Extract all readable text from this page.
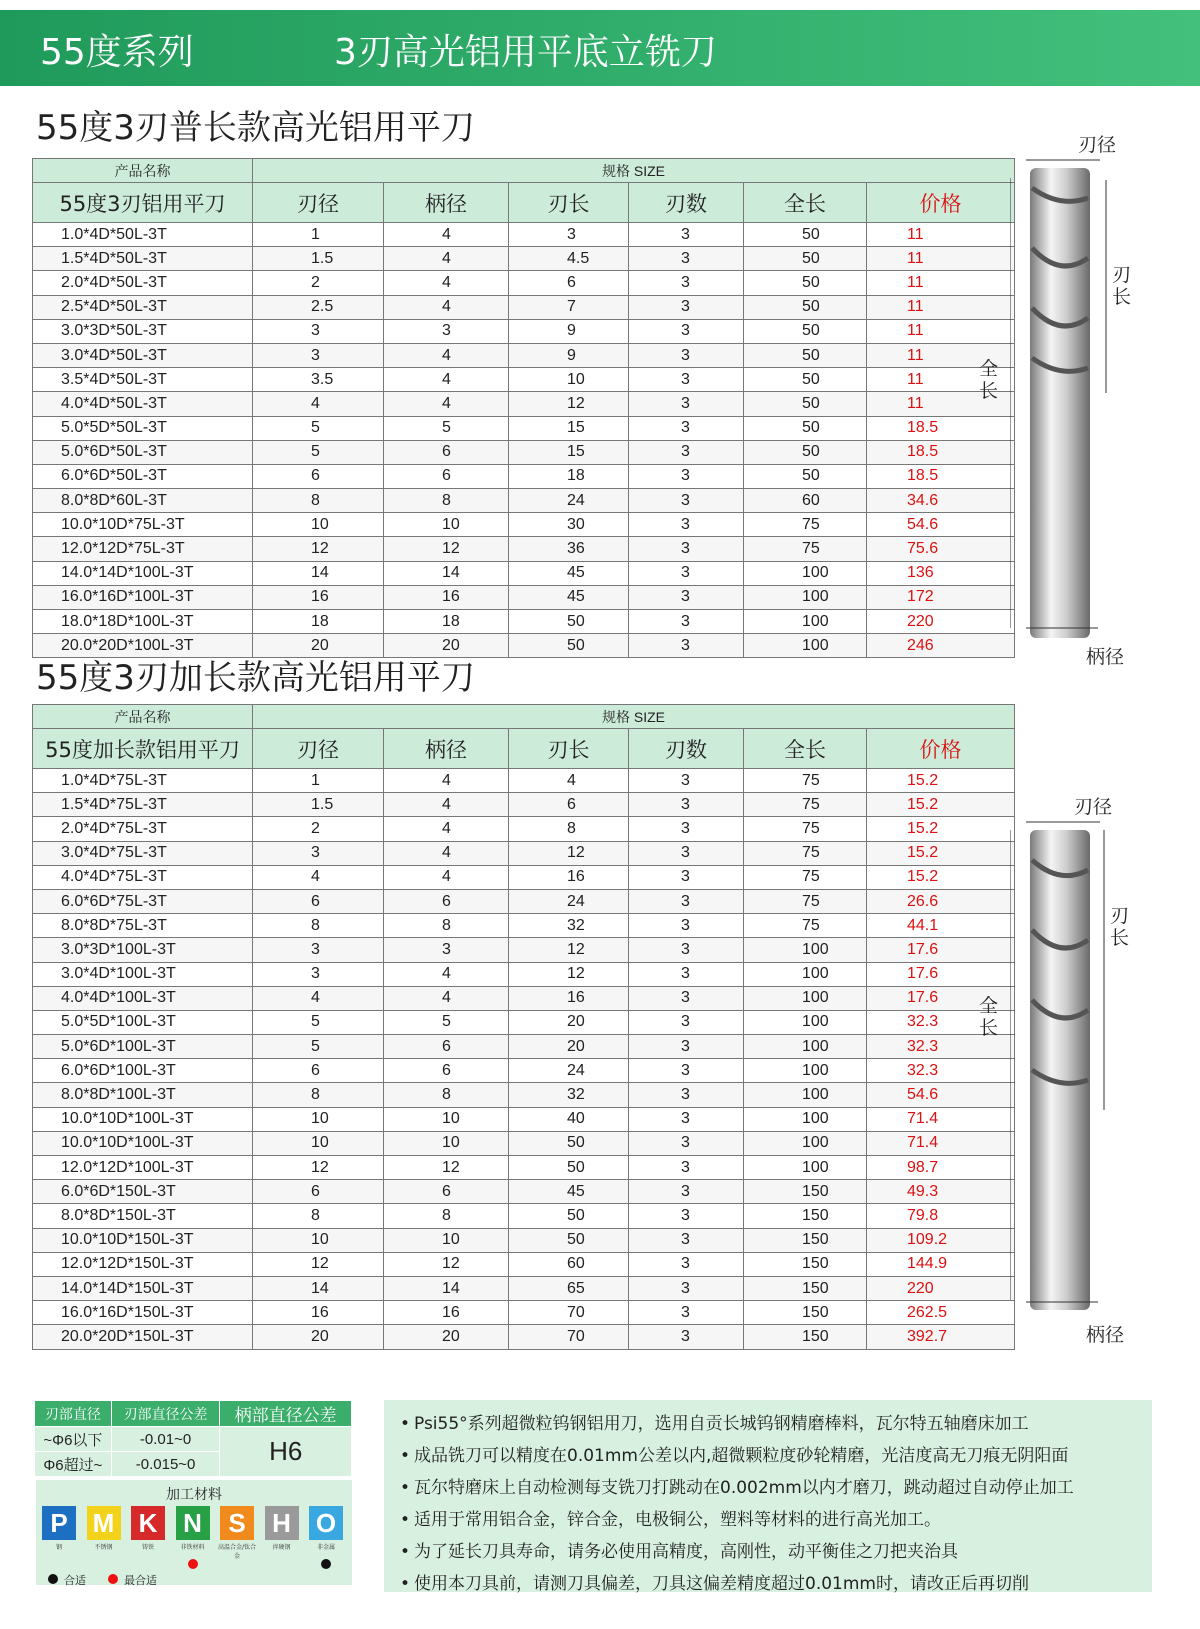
55度系列	3刃高光铝用平底立铣刀
55度3刃普长款高光铝用平刀
产品名称	规格 SIZE					
55度3刃铝用平刀	刃径	柄径	刃长	刃数	全长	价格
1.0*4D*50L-3T	1	4	3	3	50	11
1.5*4D*50L-3T	1.5	4	4.5	3	50	11
2.0*4D*50L-3T	2	4	6	3	50	11
2.5*4D*50L-3T	2.5	4	7	3	50	11
3.0*3D*50L-3T	3	3	9	3	50	11
3.0*4D*50L-3T	3	4	9	3	50	11
3.5*4D*50L-3T	3.5	4	10	3	50	11
4.0*4D*50L-3T	4	4	12	3	50	11
5.0*5D*50L-3T	5	5	15	3	50	18.5
5.0*6D*50L-3T	5	6	15	3	50	18.5
6.0*6D*50L-3T	6	6	18	3	50	18.5
8.0*8D*60L-3T	8	8	24	3	60	34.6
10.0*10D*75L-3T	10	10	30	3	75	54.6
12.0*12D*75L-3T	12	12	36	3	75	75.6
14.0*14D*100L-3T	14	14	45	3	100	136
16.0*16D*100L-3T	16	16	45	3	100	172
18.0*18D*100L-3T	18	18	50	3	100	220
20.0*20D*100L-3T	20	20	50	3	100	246
55度3刃加长款高光铝用平刀
产品名称	规格 SIZE					
55度加长款铝用平刀	刃径	柄径	刃长	刃数	全长	价格
1.0*4D*75L-3T	1	4	4	3	75	15.2
1.5*4D*75L-3T	1.5	4	6	3	75	15.2
2.0*4D*75L-3T	2	4	8	3	75	15.2
3.0*4D*75L-3T	3	4	12	3	75	15.2
4.0*4D*75L-3T	4	4	16	3	75	15.2
6.0*6D*75L-3T	6	6	24	3	75	26.6
8.0*8D*75L-3T	8	8	32	3	75	44.1
3.0*3D*100L-3T	3	3	12	3	100	17.6
3.0*4D*100L-3T	3	4	12	3	100	17.6
4.0*4D*100L-3T	4	4	16	3	100	17.6
5.0*5D*100L-3T	5	5	20	3	100	32.3
5.0*6D*100L-3T	5	6	20	3	100	32.3
6.0*6D*100L-3T	6	6	24	3	100	32.3
8.0*8D*100L-3T	8	8	32	3	100	54.6
10.0*10D*100L-3T	10	10	40	3	100	71.4
10.0*10D*100L-3T	10	10	50	3	100	71.4
12.0*12D*100L-3T	12	12	50	3	100	98.7
6.0*6D*150L-3T	6	6	45	3	150	49.3
8.0*8D*150L-3T	8	8	50	3	150	79.8
10.0*10D*150L-3T	10	10	50	3	150	109.2
12.0*12D*150L-3T	12	12	60	3	150	144.9
14.0*14D*150L-3T	14	14	65	3	150	220
16.0*16D*150L-3T	16	16	70	3	150	262.5
20.0*20D*150L-3T	20	20	70	3	150	392.7
刃径
刃
长
全
长
柄径
刃径
刃
长
全
长
柄径
刃部直径	刃部直径公差	柄部直径公差
~Φ6以下	-0.01~0	H6
Φ6超过~	-0.015~0	
加工材料
合适	最合适
P
钢
M
不锈钢
K
铸铁
N
非铁材料
S
高温合金/钛合金
H
淬硬钢
O
非金属
• Psi55°系列超微粒钨钢铝用刀，选用自贡长城钨钢精磨棒料，瓦尔特五轴磨床加工
• 成品铣刀可以精度在0.01mm公差以内,超微颗粒度砂轮精磨，光洁度高无刀痕无阴阳面
• 瓦尔特磨床上自动检测每支铣刀打跳动在0.002mm以内才磨刀，跳动超过自动停止加工
• 适用于常用铝合金，锌合金，电极铜公，塑料等材料的进行高光加工。
• 为了延长刀具寿命，请务必使用高精度，高刚性，动平衡佳之刀把夹治具
• 使用本刀具前，请测刀具偏差，刀具这偏差精度超过0.01mm时，请改正后再切削
